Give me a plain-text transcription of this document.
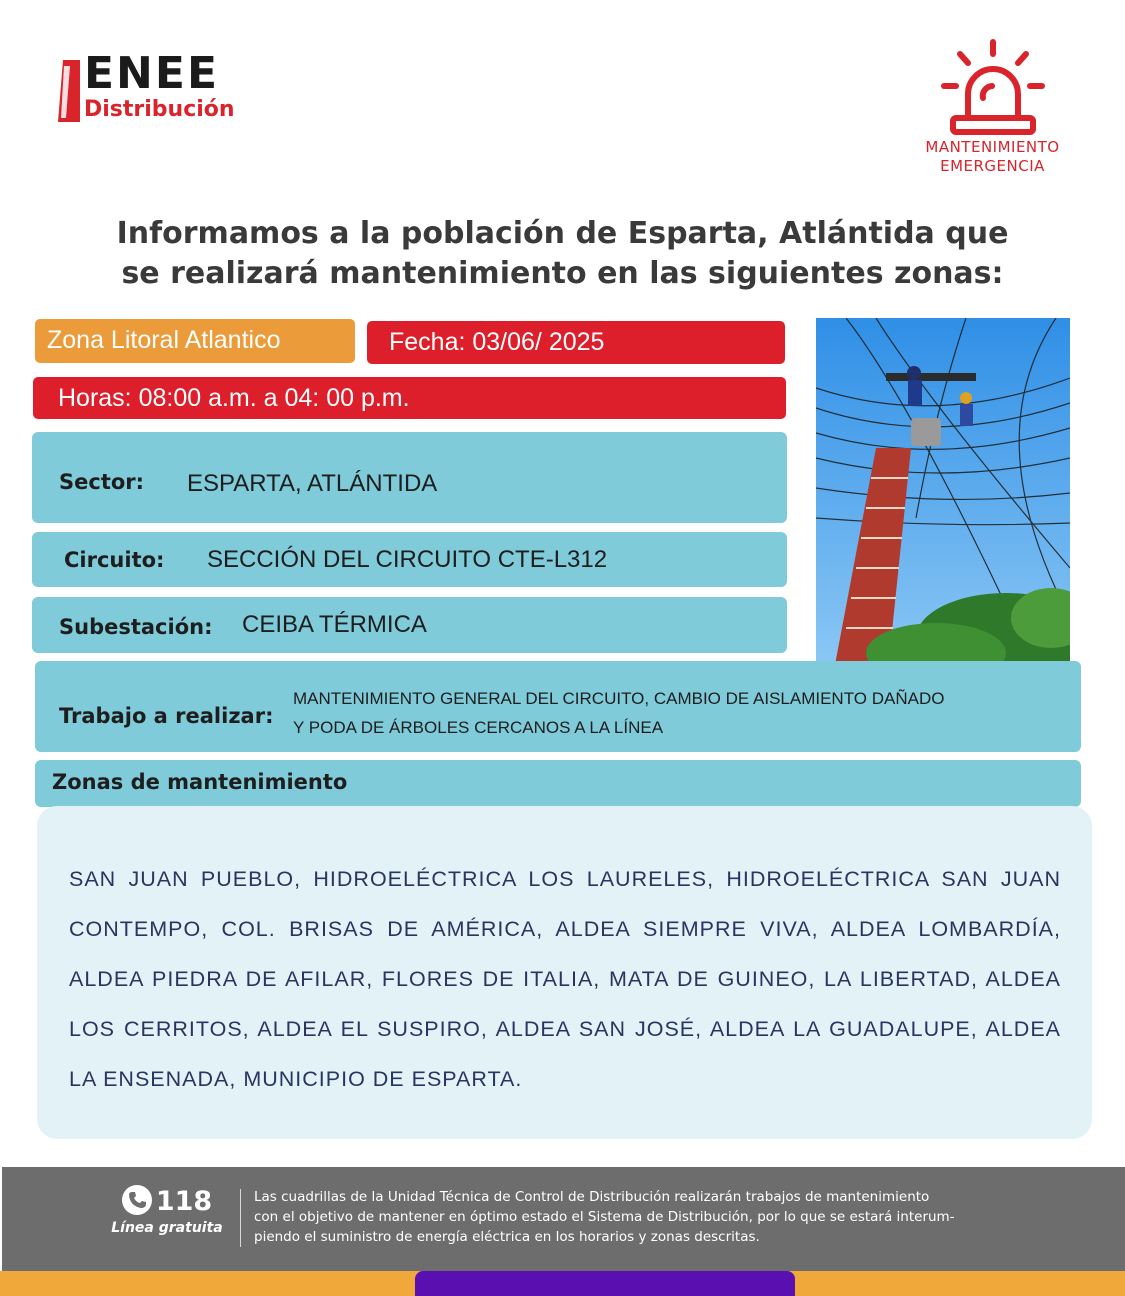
ENEE
Distribución
MANTENIMIENTO
EMERGENCIA
Informamos a la población de Esparta, Atlántida que
se realizará mantenimiento en las siguientes zonas:
Zona Litoral Atlantico	Fecha: 03/06/ 2025
Horas: 08:00 a.m. a 04: 00 p.m.
Sector: ESPARTA, ATLÁNTIDA
Circuito: SECCIÓN DEL CIRCUITO CTE-L312
Subestación: CEIBA TÉRMICA
Trabajo a realizar:
MANTENIMIENTO GENERAL DEL CIRCUITO, CAMBIO DE AISLAMIENTO DAÑADO
Y PODA DE ÁRBOLES CERCANOS A LA LÍNEA
Zonas de mantenimiento

SAN JUAN PUEBLO, HIDROELÉCTRICA LOS LAURELES, HIDROELÉCTRICA SAN JUAN CONTEMPO, COL. BRISAS DE AMÉRICA, ALDEA SIEMPRE VIVA, ALDEA LOMBARDÍA, ALDEA PIEDRA DE AFILAR, FLORES DE ITALIA, MATA DE GUINEO, LA LIBERTAD, ALDEA LOS CERRITOS, ALDEA EL SUSPIRO, ALDEA SAN JOSÉ, ALDEA LA GUADALUPE, ALDEA LA ENSENADA, MUNICIPIO DE ESPARTA.

118
Línea gratuita
Las cuadrillas de la Unidad Técnica de Control de Distribución realizarán trabajos de mantenimiento
con el objetivo de mantener en óptimo estado el Sistema de Distribución, por lo que se estará interum-
piendo el suministro de energía eléctrica en los horarios y zonas descritas.
